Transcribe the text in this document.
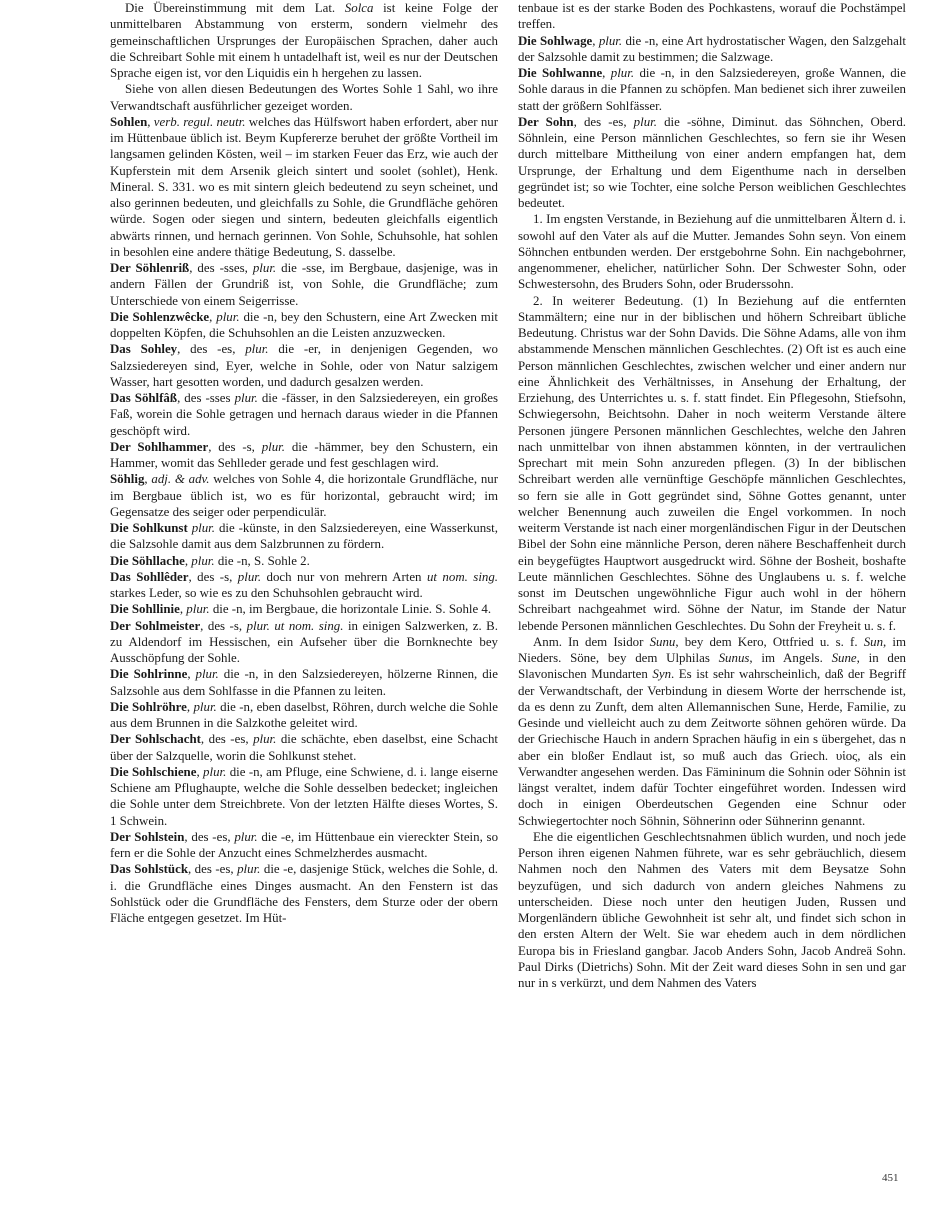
Die Übereinstimmung mit dem Lat. Solca ist keine Folge der unmittelbaren Abstammung von ersterm, sondern vielmehr des gemeinschaftlichen Ursprunges der Europäischen Sprachen, daher auch die Schreibart Sohle mit einem h untadelhaft ist, weil es nur der Deutschen Sprache eigen ist, vor den Liquidis ein h hergehen zu lassen.

Siehe von allen diesen Bedeutungen des Wortes Sohle 1 Sahl, wo ihre Verwandtschaft ausführlicher gezeiget worden.

Sohlen, verb. regul. neutr. welches das Hülfswort haben erfordert, aber nur im Hüttenbaue üblich ist. Beym Kupfererze beruhet der größte Vortheil im langsamen gelinden Kösten, weil – im starken Feuer das Erz, wie auch der Kupferstein mit dem Arsenik gleich sintert und soolet (sohlet), Henk. Mineral. S. 331. wo es mit sintern gleich bedeutend zu seyn scheinet, und also gerinnen bedeuten, und gleichfalls zu Sohle, die Grundfläche gehören würde. Sogen oder siegen und sintern, bedeuten gleichfalls eigentlich abwärts rinnen, und hernach gerinnen. Von Sohle, Schuhsohle, hat sohlen in besohlen eine andere thätige Bedeutung, S. dasselbe.

Der Söhlenriß, des -sses, plur. die -sse, im Bergbaue, dasjenige, was in andern Fällen der Grundriß ist, von Sohle, die Grundfläche; zum Unterschiede von einem Seigerrisse.

Die Sohlenzwêcke, plur. die -n, bey den Schustern, eine Art Zwecken mit doppelten Köpfen, die Schuhsohlen an die Leisten anzuzwecken.

Das Sohley, des -es, plur. die -er, in denjenigen Gegenden, wo Salzsiedereyen sind, Eyer, welche in Sohle, oder von Natur salzigem Wasser, hart gesotten worden, und dadurch gesalzen werden.

Das Söhlfâß, des -sses plur. die -fässer, in den Salzsiedereyen, ein großes Faß, worein die Sohle getragen und hernach daraus wieder in die Pfannen geschöpft wird.

Der Sohlhammer, des -s, plur. die -hämmer, bey den Schustern, ein Hammer, womit das Sehlleder gerade und fest geschlagen wird.

Söhlig, adj. & adv. welches von Sohle 4, die horizontale Grundfläche, nur im Bergbaue üblich ist, wo es für horizontal, gebraucht wird; im Gegensatze des seiger oder perpendiculär.

Die Sohlkunst plur. die -künste, in den Salzsiedereyen, eine Wasserkunst, die Salzsohle damit aus dem Salzbrunnen zu fördern.

Die Söhllache, plur. die -n, S. Sohle 2.

Das Sohllêder, des -s, plur. doch nur von mehrern Arten ut nom. sing. starkes Leder, so wie es zu den Schuhsohlen gebraucht wird.

Die Sohllinie, plur. die -n, im Bergbaue, die horizontale Linie. S. Sohle 4.

Der Sohlmeister, des -s, plur. ut nom. sing. in einigen Salzwerken, z. B. zu Aldendorf im Hessischen, ein Aufseher über die Bornknechte bey Ausschöpfung der Sohle.

Die Sohlrinne, plur. die -n, in den Salzsiedereyen, hölzerne Rinnen, die Salzsohle aus dem Sohlfasse in die Pfannen zu leiten.

Die Sohlröhre, plur. die -n, eben daselbst, Röhren, durch welche die Sohle aus dem Brunnen in die Salzkothe geleitet wird.

Der Sohlschacht, des -es, plur. die schächte, eben daselbst, eine Schacht über der Salzquelle, worin die Sohlkunst stehet.

Die Sohlschiene, plur. die -n, am Pfluge, eine Schwiene, d. i. lange eiserne Schiene am Pflughaupte, welche die Sohle desselben bedecket; ingleichen die Sohle unter dem Streichbrete. Von der letzten Hälfte dieses Wortes, S. 1 Schwein.

Der Sohlstein, des -es, plur. die -e, im Hüttenbaue ein viereckter Stein, so fern er die Sohle der Anzucht eines Schmelzherdes ausmacht.

Das Sohlstück, des -es, plur. die -e, dasjenige Stück, welches die Sohle, d. i. die Grundfläche eines Dinges ausmacht. An den Fenstern ist das Sohlstück oder die Grundfläche des Fensters, dem Sturze oder der obern Fläche entgegen gesetzet. Im Hüt-

tenbaue ist es der starke Boden des Pochkastens, worauf die Pochstämpel treffen.

Die Sohlwage, plur. die -n, eine Art hydrostatischer Wagen, den Salzgehalt der Salzsohle damit zu bestimmen; die Salzwage.

Die Sohlwanne, plur. die -n, in den Salzsiedereyen, große Wannen, die Sohle daraus in die Pfannen zu schöpfen. Man bedienet sich ihrer zuweilen statt der größern Sohlfässer.

Der Sohn, des -es, plur. die -söhne, Diminut. das Söhnchen, Oberd. Söhnlein, eine Person männlichen Geschlechtes, so fern sie ihr Wesen durch mittelbare Mittheilung von einer andern empfangen hat, dem Ursprunge, der Erhaltung und dem Eigenthume nach in derselben gegründet ist; so wie Tochter, eine solche Person weiblichen Geschlechtes bedeutet.

1. Im engsten Verstande, in Beziehung auf die unmittelbaren Ältern d. i. sowohl auf den Vater als auf die Mutter. Jemandes Sohn seyn. Von einem Söhnchen entbunden werden. Der erstgebohrne Sohn. Ein nachgebohrner, angenommener, ehelicher, natürlicher Sohn. Der Schwester Sohn, oder Schwestersohn, des Bruders Sohn, oder Bruderssohn.

2. In weiterer Bedeutung. (1) In Beziehung auf die entfernten Stammältern; eine nur in der biblischen und höhern Schreibart übliche Bedeutung. Christus war der Sohn Davids. Die Söhne Adams, alle von ihm abstammende Menschen männlichen Geschlechtes. (2) Oft ist es auch eine Person männlichen Geschlechtes, zwischen welcher und einer andern nur eine Ähnlichkeit des Verhältnisses, in Ansehung der Erhaltung, der Erziehung, des Unterrichtes u. s. f. statt findet. Ein Pflegesohn, Stiefsohn, Schwiegersohn, Beichtsohn. Daher in noch weiterm Verstande ältere Personen jüngere Personen männlichen Geschlechtes, welche den Jahren nach unmittelbar von ihnen abstammen könnten, in der vertraulichen Sprechart mit mein Sohn anzureden pflegen. (3) In der biblischen Schreibart werden alle vernünftige Geschöpfe männlichen Geschlechtes, so fern sie alle in Gott gegründet sind, Söhne Gottes genannt, unter welcher Benennung auch zuweilen die Engel vorkommen. In noch weiterm Verstande ist nach einer morgenländischen Figur in der Deutschen Bibel der Sohn eine männliche Person, deren nähere Beschaffenheit durch ein beygefügtes Hauptwort ausgedruckt wird. Söhne der Bosheit, boshafte Leute männlichen Geschlechtes. Söhne des Unglaubens u. s. f. welche sonst im Deutschen ungewöhnliche Figur auch wohl in der höhern Schreibart nachgeahmet wird. Söhne der Natur, im Stande der Natur lebende Personen männlichen Geschlechtes. Du Sohn der Freyheit u. s. f.

Anm. In dem Isidor Sunu, bey dem Kero, Ottfried u. s. f. Sun, im Nieders. Söne, bey dem Ulphilas Sunus, im Angels. Sune, in den Slavonischen Mundarten Syn. Es ist sehr wahrscheinlich, daß der Begriff der Verwandtschaft, der Verbindung in diesem Worte der herrschende ist, da es denn zu Zunft, dem alten Allemannischen Sune, Herde, Familie, zu Gesinde und vielleicht auch zu dem Zeitworte söhnen gehören würde. Da der Griechische Hauch in andern Sprachen häufig in ein s übergehet, das n aber ein bloßer Endlaut ist, so muß auch das Griech. υἱος, als ein Verwandter angesehen werden. Das Fämininum die Sohnin oder Söhnin ist längst veraltet, indem dafür Tochter eingeführet worden. Indessen wird doch in einigen Oberdeutschen Gegenden eine Schnur oder Schwiegertochter noch Söhnin, Söhnerinn oder Sühnerinn genannt.

Ehe die eigentlichen Geschlechtsnahmen üblich wurden, und noch jede Person ihren eigenen Nahmen führete, war es sehr gebräuchlich, diesem Nahmen noch den Nahmen des Vaters mit dem Beysatze Sohn beyzufügen, und sich dadurch von andern gleiches Nahmens zu unterscheiden. Diese noch unter den heutigen Juden, Russen und Morgenländern übliche Gewohnheit ist sehr alt, und findet sich schon in den ersten Altern der Welt. Sie war ehedem auch in dem nördlichen Europa bis in Friesland gangbar. Jacob Anders Sohn, Jacob Andreä Sohn. Paul Dirks (Dietrichs) Sohn. Mit der Zeit ward dieses Sohn in sen und gar nur in s verkürzt, und dem Nahmen des Vaters

451
